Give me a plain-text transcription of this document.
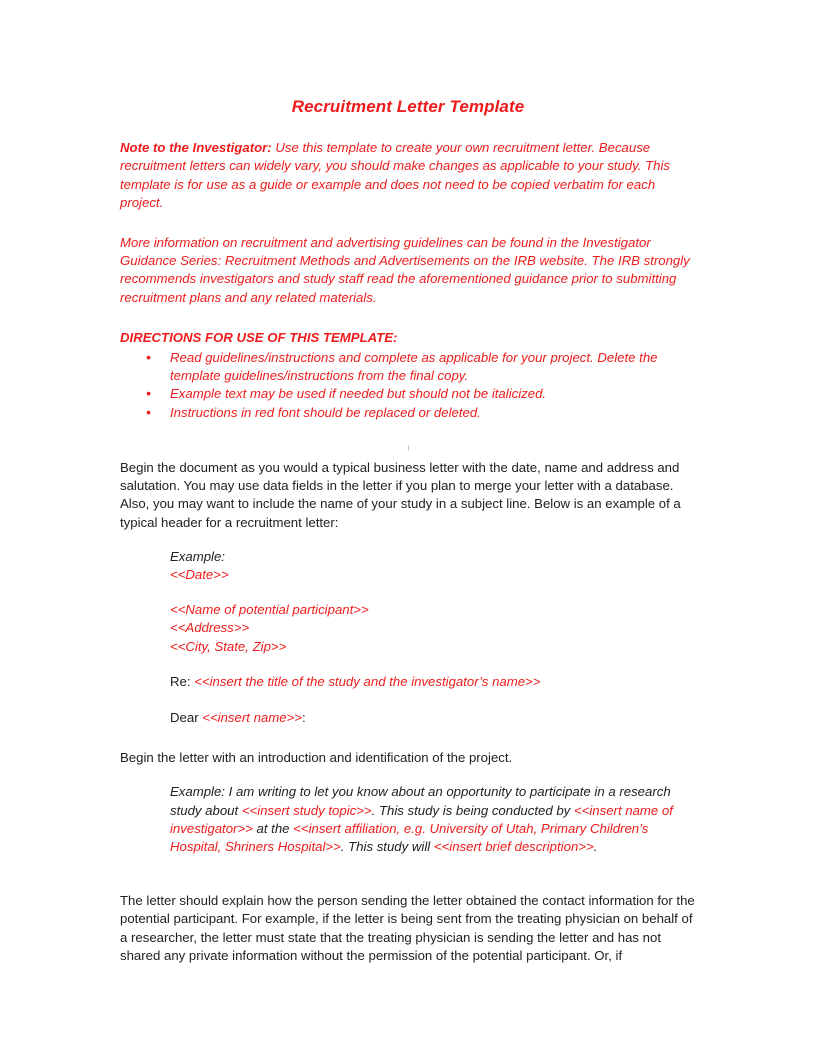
Recruitment Letter Template

Note to the Investigator: Use this template to create your own recruitment letter. Because recruitment letters can widely vary, you should make changes as applicable to your study. This template is for use as a guide or example and does not need to be copied verbatim for each project.

More information on recruitment and advertising guidelines can be found in the Investigator Guidance Series: Recruitment Methods and Advertisements on the IRB website. The IRB strongly recommends investigators and study staff read the aforementioned guidance prior to submitting recruitment plans and any related materials.

DIRECTIONS FOR USE OF THIS TEMPLATE:

• Read guidelines/instructions and complete as applicable for your project. Delete the template guidelines/instructions from the final copy.
• Example text may be used if needed but should not be italicized.
• Instructions in red font should be replaced or deleted.

Begin the document as you would a typical business letter with the date, name and address and salutation. You may use data fields in the letter if you plan to merge your letter with a database. Also, you may want to include the name of your study in a subject line. Below is an example of a typical header for a recruitment letter:

Example:

<<Date>>

<<Name of potential participant>>

<<Address>>

<<City, State, Zip>>

Re: <<insert the title of the study and the investigator’s name>>

Dear <<insert name>>:

Begin the letter with an introduction and identification of the project.

Example: I am writing to let you know about an opportunity to participate in a research study about <<insert study topic>>. This study is being conducted by <<insert name of investigator>> at the <<insert affiliation, e.g. University of Utah, Primary Children’s Hospital, Shriners Hospital>>. This study will <<insert brief description>>.

The letter should explain how the person sending the letter obtained the contact information for the potential participant. For example, if the letter is being sent from the treating physician on behalf of a researcher, the letter must state that the treating physician is sending the letter and has not shared any private information without the permission of the potential participant. Or, if
